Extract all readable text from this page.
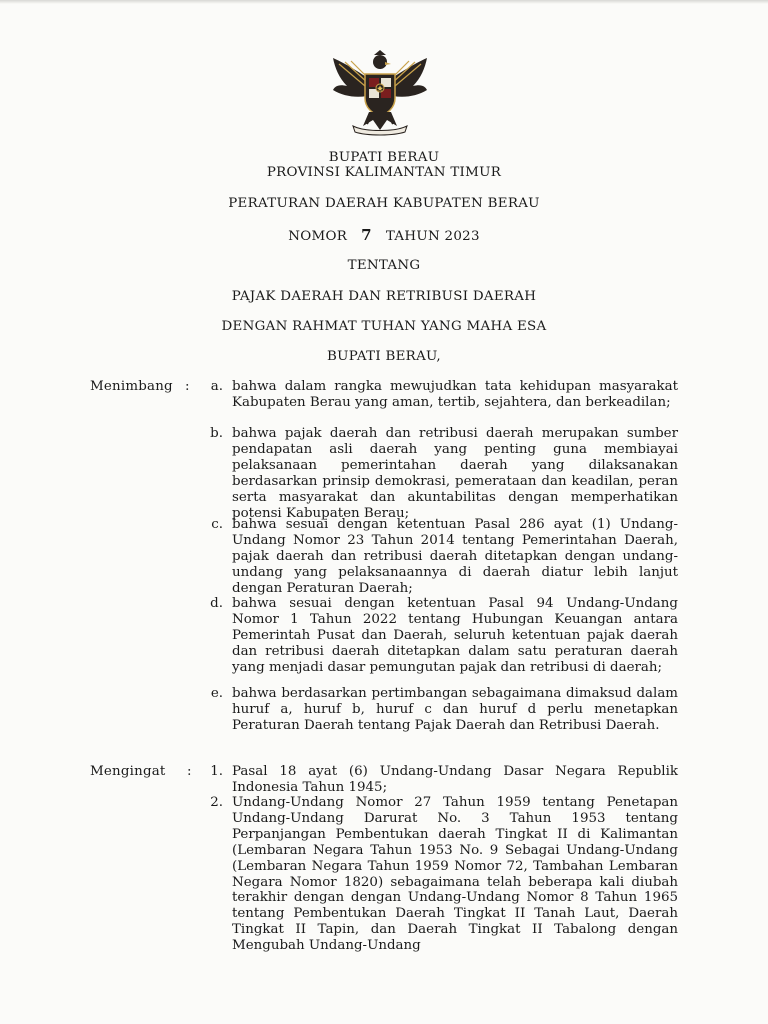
BUPATI BERAU
PROVINSI KALIMANTAN TIMUR
PERATURAN DAERAH KABUPATEN BERAU
NOMOR 7 TAHUN 2023
TENTANG
PAJAK DAERAH DAN RETRIBUSI DAERAH
DENGAN RAHMAT TUHAN YANG MAHA ESA
BUPATI BERAU,
Menimbang :	a. bahwa dalam rangka mewujudkan tata kehidupan masyarakat Kabupaten Berau yang aman, tertib, sejahtera, dan berkeadilan;
b. bahwa pajak daerah dan retribusi daerah merupakan sumber pendapatan asli daerah yang penting guna membiayai pelaksanaan pemerintahan daerah yang dilaksanakan berdasarkan prinsip demokrasi, pemerataan dan keadilan, peran serta masyarakat dan akuntabilitas dengan memperhatikan potensi Kabupaten Berau;
c. bahwa sesuai dengan ketentuan Pasal 286 ayat (1) Undang-Undang Nomor 23 Tahun 2014 tentang Pemerintahan Daerah, pajak daerah dan retribusi daerah ditetapkan dengan undang-undang yang pelaksanaannya di daerah diatur lebih lanjut dengan Peraturan Daerah;
d. bahwa sesuai dengan ketentuan Pasal 94 Undang-Undang Nomor 1 Tahun 2022 tentang Hubungan Keuangan antara Pemerintah Pusat dan Daerah, seluruh ketentuan pajak daerah dan retribusi daerah ditetapkan dalam satu peraturan daerah yang menjadi dasar pemungutan pajak dan retribusi di daerah;
e. bahwa berdasarkan pertimbangan sebagaimana dimaksud dalam huruf a, huruf b, huruf c dan huruf d perlu menetapkan Peraturan Daerah tentang Pajak Daerah dan Retribusi Daerah.
Mengingat :	1. Pasal 18 ayat (6) Undang-Undang Dasar Negara Republik Indonesia Tahun 1945;
2. Undang-Undang Nomor 27 Tahun 1959 tentang Penetapan Undang-Undang Darurat No. 3 Tahun 1953 tentang Perpanjangan Pembentukan daerah Tingkat II di Kalimantan (Lembaran Negara Tahun 1953 No. 9 Sebagai Undang-Undang (Lembaran Negara Tahun 1959 Nomor 72, Tambahan Lembaran Negara Nomor 1820) sebagaimana telah beberapa kali diubah terakhir dengan dengan Undang-Undang Nomor 8 Tahun 1965 tentang Pembentukan Daerah Tingkat II Tanah Laut, Daerah Tingkat II Tapin, dan Daerah Tingkat II Tabalong dengan Mengubah Undang-Undang
